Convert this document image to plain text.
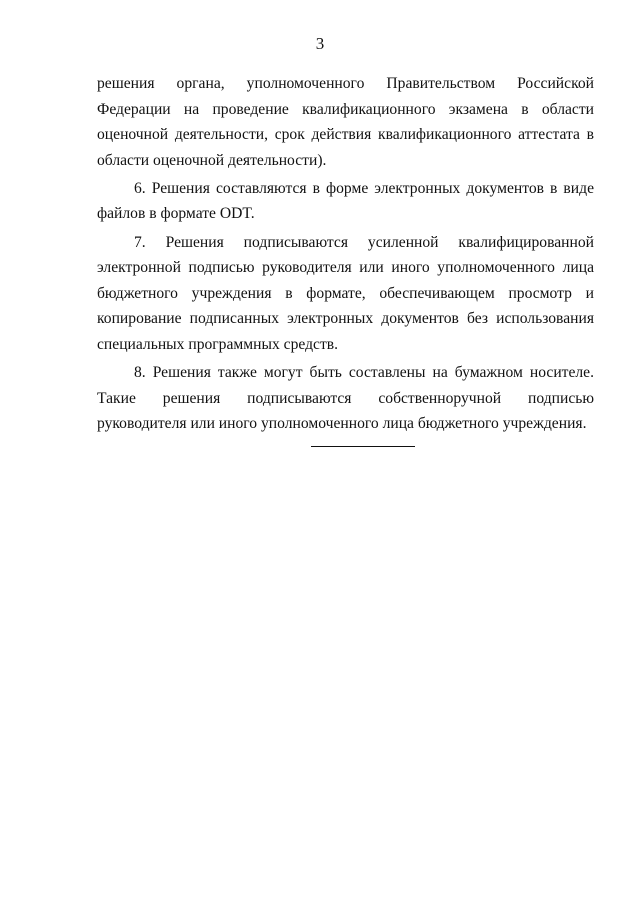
3

решения органа, уполномоченного Правительством Российской Федерации на проведение квалификационного экзамена в области оценочной деятельности, срок действия квалификационного аттестата в области оценочной деятельности).

6. Решения составляются в форме электронных документов в виде файлов в формате ODT.

7. Решения подписываются усиленной квалифицированной электронной подписью руководителя или иного уполномоченного лица бюджетного учреждения в формате, обеспечивающем просмотр и копирование подписанных электронных документов без использования специальных программных средств.

8. Решения также могут быть составлены на бумажном носителе. Такие решения подписываются собственноручной подписью руководителя или иного уполномоченного лица бюджетного учреждения.
